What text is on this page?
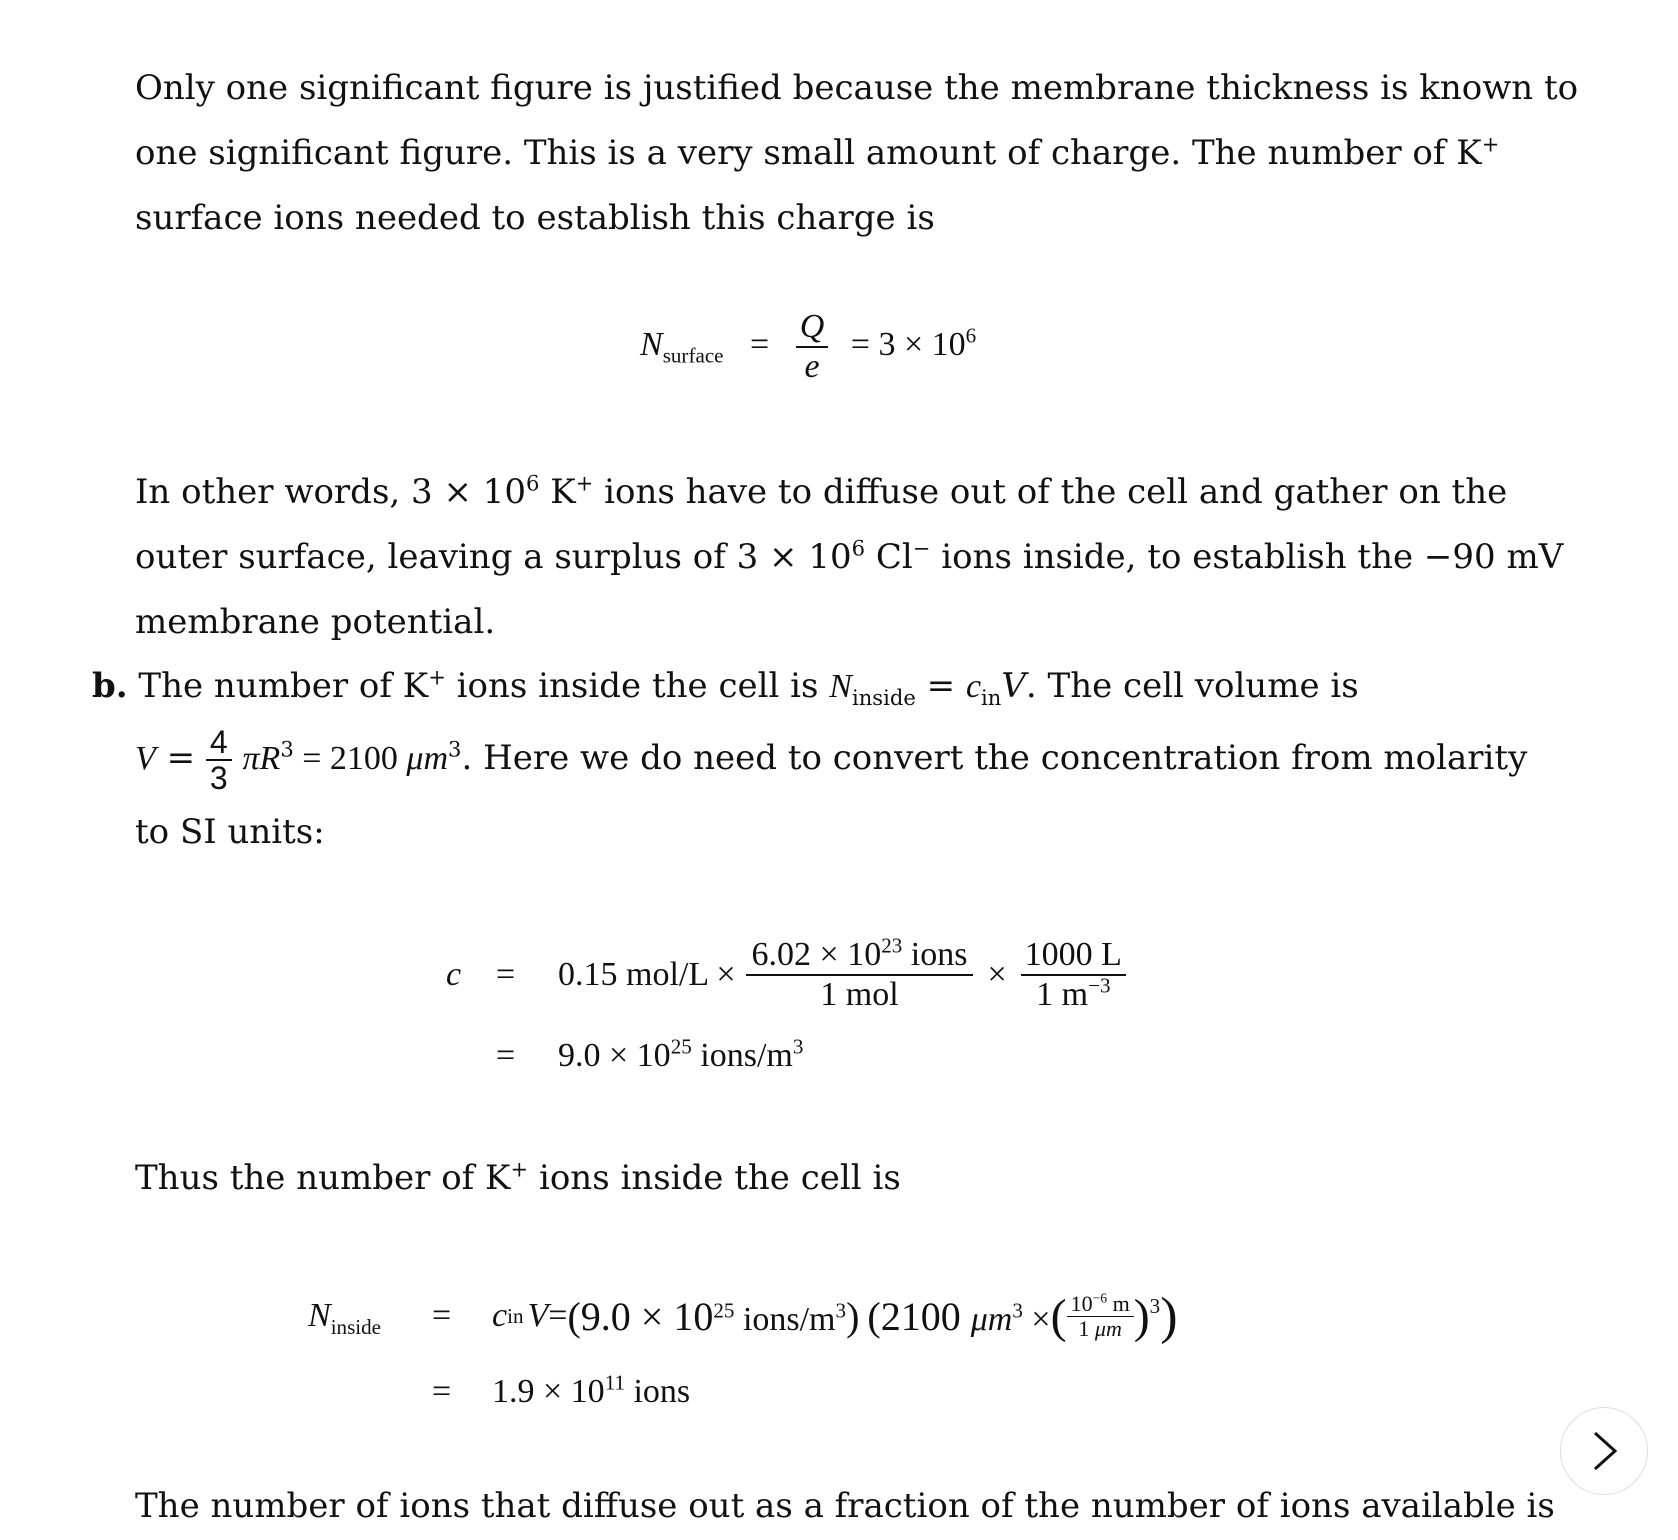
Only one significant figure is justified because the membrane thickness is known to
one significant figure. This is a very small amount of charge. The number of K+
surface ions needed to establish this charge is
$N_{surface} = \frac{Q}{e} = 3 \times 10^6$
In other words, $3 \times 10^6$ K+ ions have to diffuse out of the cell and gather on the
outer surface, leaving a surplus of $3 \times 10^6$ Cl− ions inside, to establish the −90 mV
membrane potential.
b. The number of K+ ions inside the cell is $N_{inside} = c_{in}V$. The cell volume is
$V = \frac{4}{3} \pi R^3 = 2100$ $\mu m^3$. Here we do need to convert the concentration from molarity
to SI units:
c	=	0.15 $mol/L \times \frac{6.02 \times 10^{23} ions}{\text{1 mol}} \times \frac{1000 L}{1 m^{-3}}$
=	$9.0 \times 10^{25}$ ions/$m^3$
Thus the number of K+ ions inside the cell is
$N_{inside}$	=	c in $V = (9.0 \times 10^{25}$ ions/$m^3$) (2100 $\mu m^3$ × ( $\frac{10^{-6} m}{1 \mu m} )^3$ )
=	$1.9 \times 10^{11}$ ions
The number of ions that diffuse out as a fraction of the number of ions available is
